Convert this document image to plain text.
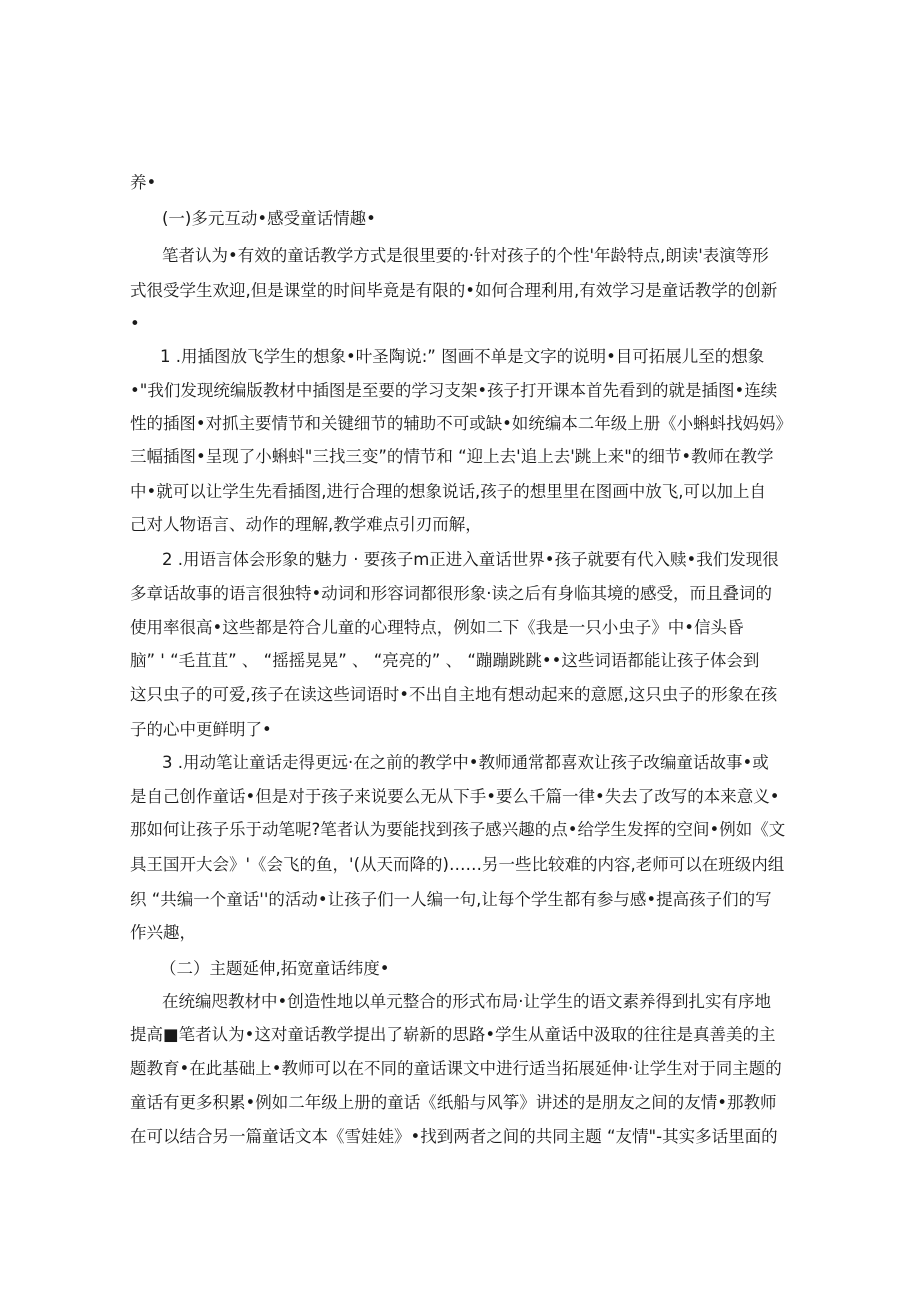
养•
(一)多元互动•感受童话情趣•
笔者认为•有效的童话教学方式是很里要的·针对孩子的个性'年龄特点,朗读'表演等形
式很受学生欢迎,但是课堂的时间毕竟是有限的•如何合理利用,有效学习是童话教学的创新
•
1 .用插图放飞学生的想象•叶圣陶说:” 图画不单是文字的说明•目可拓展儿至的想象
•"我们发现统编版教材中插图是至要的学习支架•孩子打开课本首先看到的就是插图•连续
性的插图•对抓主要情节和关键细节的辅助不可或缺•如统编本二年级上册《小蝌蚪找妈妈》
三幅插图•呈现了小蝌蚪"三找三变”的情节和 “迎上去'追上去'跳上来"的细节•教师在教学
中•就可以让学生先看插图,进行合理的想象说话,孩子的想里里在图画中放飞,可以加上自
己对人物语言、动作的理解,教学难点引刃而解，
2 .用语言体会形象的魅力 · 要孩子m正进入童话世界•孩子就要有代入赎•我们发现很
多章话故事的语言很独特•动词和形容词都很形象·读之后有身临其境的感受，而且叠词的
使用率很高•这些都是符合儿童的心理特点，例如二下《我是一只小虫子》中•信头昏
脑” ' “毛苴苴” 、 “摇摇晃晃” 、 “亮亮的” 、 “蹦蹦跳跳••这些词语都能让孩子体会到
这只虫子的可爱,孩子在读这些词语时•不出自主地有想动起来的意愿,这只虫子的形象在孩
子的心中更鲜明了•
3 .用动笔让童话走得更远·在之前的教学中•教师通常都喜欢让孩子改编童话故事•或
是自己创作童话•但是对于孩子来说要么无从下手•要么千篇一律•失去了改写的本来意义•
那如何让孩子乐于动笔呢?笔者认为要能找到孩子感兴趣的点•给学生发挥的空间•例如《文
具王国开大会》'《会飞的鱼，'(从天而降的)……另一些比较难的内容,老师可以在班级内组
织 “共编一个童话''的活动•让孩子们一人编一句,让每个学生都有参与感•提高孩子们的写
作兴趣，
（二）主题延伸,拓宽童话纬度•
在统编咫教材中•创造性地以单元整合的形式布局·让学生的语文素养得到扎实有序地
提高■笔者认为•这对童话教学提出了崭新的思路•学生从童话中汲取的往往是真善美的主
题教育•在此基础上•教师可以在不同的童话课文中进行适当拓展延伸·让学生对于同主题的
童话有更多积累•例如二年级上册的童话《纸船与风筝》讲述的是朋友之间的友情•那教师
在可以结合另一篇童话文本《雪娃娃》•找到两者之间的共同主题 “友情"-其实多话里面的
